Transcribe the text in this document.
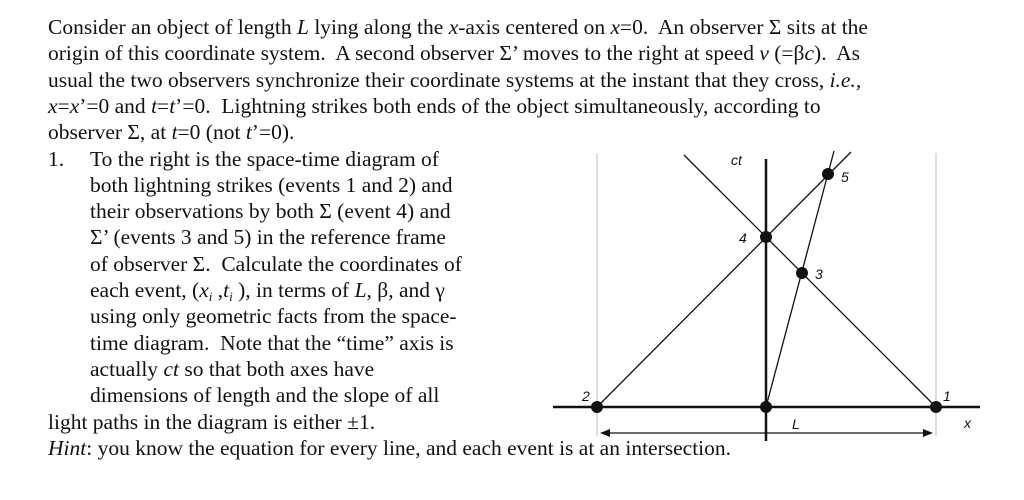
Consider an object of length L lying along the x-axis centered on x=0.  An observer Σ sits at the
origin of this coordinate system.  A second observer Σ’ moves to the right at speed v (=βc).  As
usual the two observers synchronize their coordinate systems at the instant that they cross, i.e.,
x=x’=0 and t=t’=0.  Lightning strikes both ends of the object simultaneously, according to
observer Σ, at t=0 (not t’=0).
1. To the right is the space-time diagram of
both lightning strikes (events 1 and 2) and
their observations by both Σ (event 4) and
Σ’ (events 3 and 5) in the reference frame
of observer Σ.  Calculate the coordinates of
each event, ($x_i$ $,t_i$ ), in terms of L, β, and γ
using only geometric facts from the space-
time diagram.  Note that the “time” axis is
actually ct so that both axes have
dimensions of length and the slope of all
light paths in the diagram is either ±1.
Hint: you know the equation for every line, and each event is at an intersection.
ct
x
L
1
2
3
4
5
